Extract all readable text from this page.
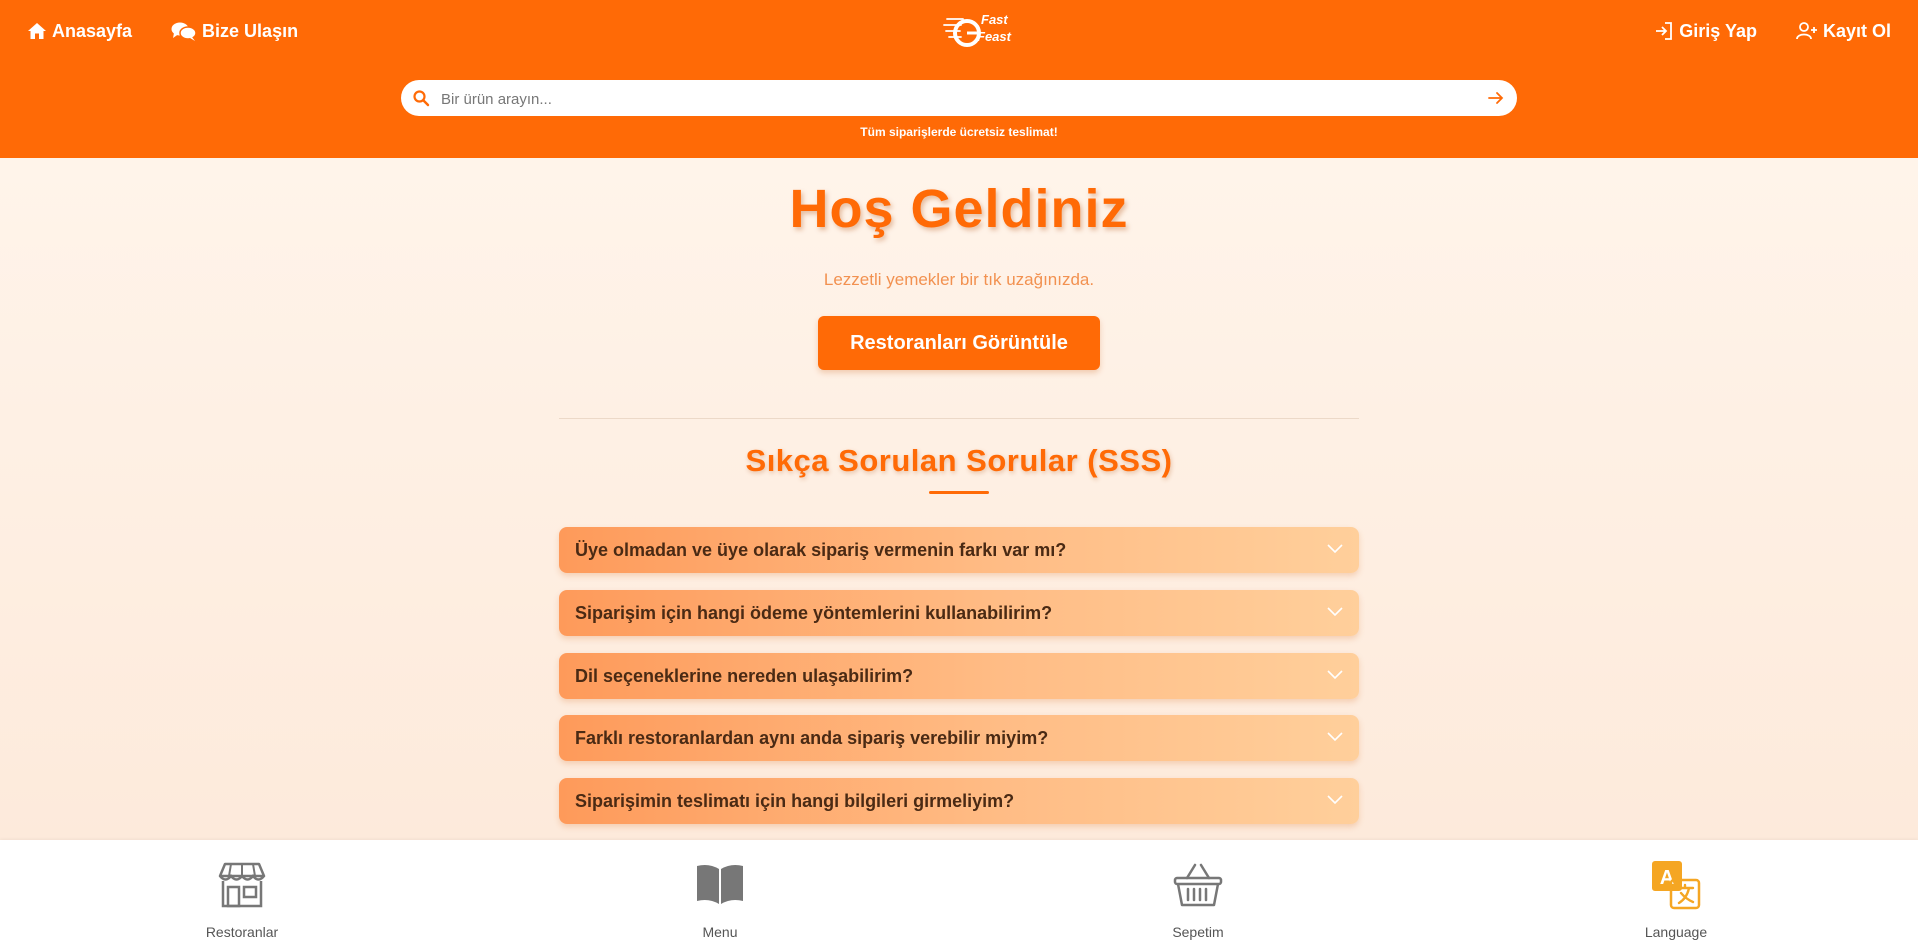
Anasayfa	Bize Ulaşın
Fast
Feast	Giriş Yap	Kayıt Ol
Bir ürün arayın...
Tüm siparişlerde ücretsiz teslimat!
Hoş Geldiniz
Lezzetli yemekler bir tık uzağınızda.
Restoranları Görüntüle
Sıkça Sorulan Sorular (SSS)
Üye olmadan ve üye olarak sipariş vermenin farkı var mı?
Siparişim için hangi ödeme yöntemlerini kullanabilirim?
Dil seçeneklerine nereden ulaşabilirim?
Farklı restoranlardan aynı anda sipariş verebilir miyim?
Siparişimin teslimatı için hangi bilgileri girmeliyim?
Restoranlar	Menu	Sepetim
A
Language
